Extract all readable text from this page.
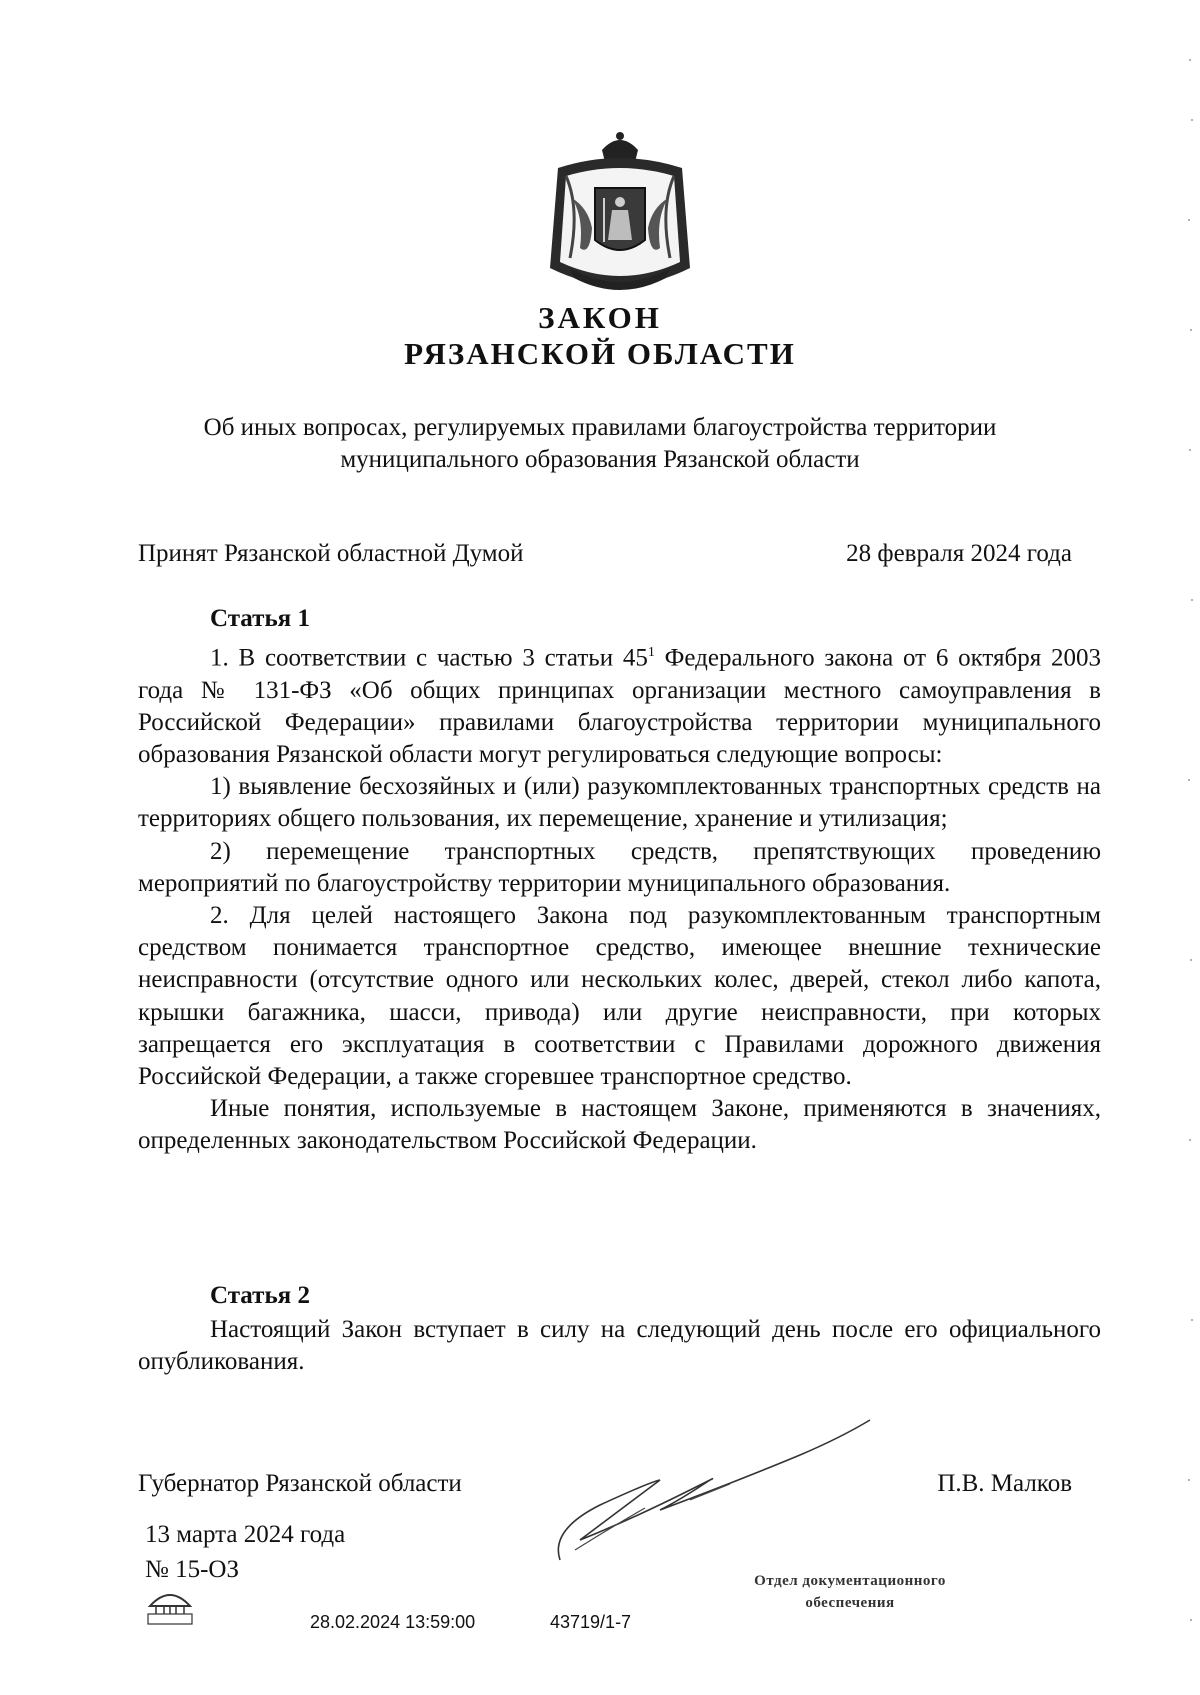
ЗАКОН
РЯЗАНСКОЙ ОБЛАСТИ
Об иных вопросах, регулируемых правилами благоустройства территории
муниципального образования Рязанской области
Принят Рязанской областной Думой	28 февраля 2024 года
Статья 1

1. В соответствии с частью 3 статьи $45^1$ Федерального закона от 6 октября 2003 года № 131-ФЗ «Об общих принципах организации местного самоуправления в Российской Федерации» правилами благоустройства территории муниципального образования Рязанской области могут регулироваться следующие вопросы:

1) выявление бесхозяйных и (или) разукомплектованных транспортных средств на территориях общего пользования, их перемещение, хранение и утилизация;

2) перемещение транспортных средств, препятствующих проведению мероприятий по благоустройству территории муниципального образования.

2. Для целей настоящего Закона под разукомплектованным транспортным средством понимается транспортное средство, имеющее внешние технические неисправности (отсутствие одного или нескольких колес, дверей, стекол либо капота, крышки багажника, шасси, привода) или другие неисправности, при которых запрещается его эксплуатация в соответствии с Правилами дорожного движения Российской Федерации, а также сгоревшее транспортное средство.

Иные понятия, используемые в настоящем Законе, применяются в значениях, определенных законодательством Российской Федерации.

Статья 2

Настоящий Закон вступает в силу на следующий день после его официального опубликования.

Губернатор Рязанской области	П.В. Малков
13 марта 2024 года
№ 15-ОЗ
28.02.2024 13:59:00	43719/1-7
Отдел документационного
обеспечения
